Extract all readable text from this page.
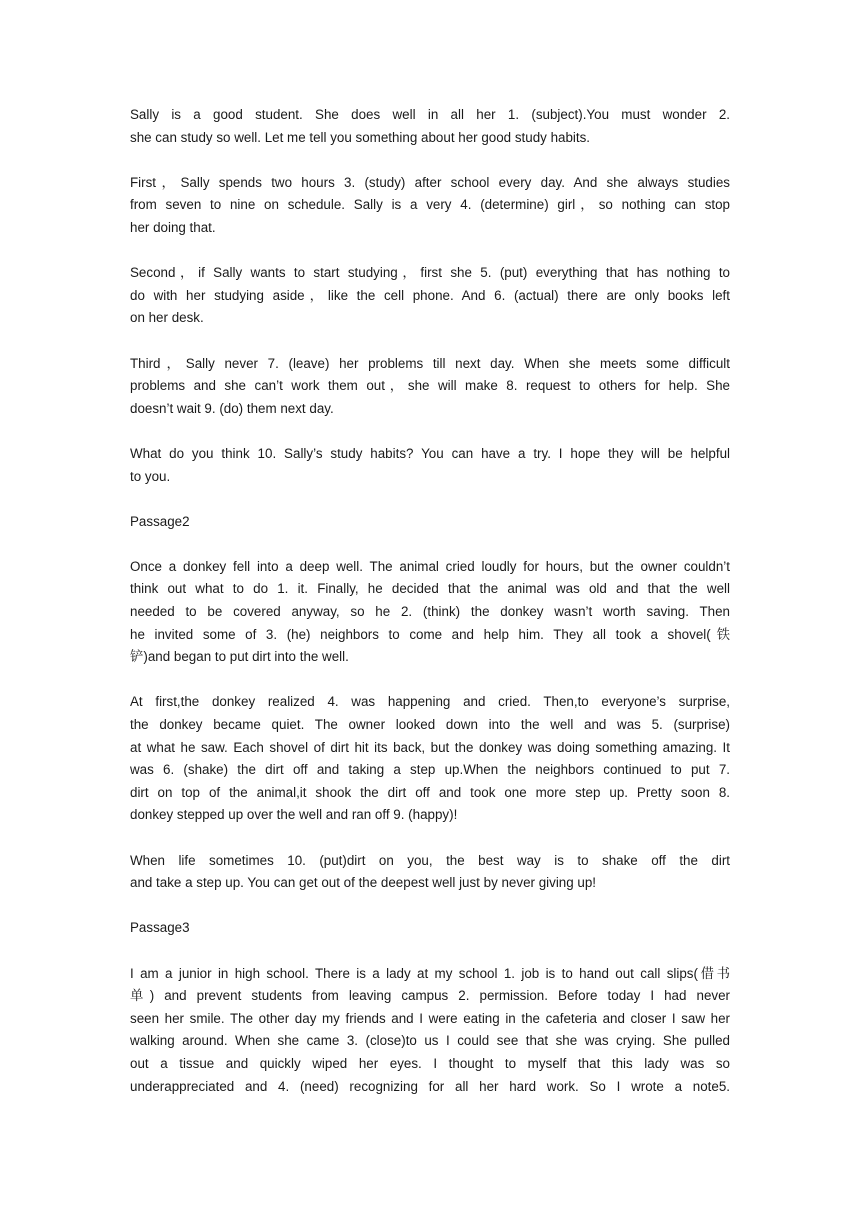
Sally is a good student. She does well in all her 1. (subject).You must wonder 2.
she can study so well. Let me tell you something about her good study habits.
First，Sally spends two hours 3. (study) after school every day. And she always studies
from seven to nine on schedule. Sally is a very 4. (determine) girl，so nothing can stop
her doing that.
Second，if Sally wants to start studying，first she 5. (put) everything that has nothing to
do with her studying aside，like the cell phone. And 6. (actual) there are only books left
on her desk.
Third，Sally never 7. (leave) her problems till next day. When she meets some difficult
problems and she can’t work them out，she will make 8. request to others for help. She
doesn’t wait 9. (do) them next day.
What do you think 10. Sally’s study habits? You can have a try. I hope they will be helpful
to you.
Passage2
Once a donkey fell into a deep well. The animal cried loudly for hours, but the owner couldn’t
think out what to do 1. it. Finally, he decided that the animal was old and that the well
needed to be covered anyway, so he 2. (think) the donkey wasn’t worth saving. Then
he invited some of 3. (he) neighbors to come and help him. They all took a shovel(铁
铲)and began to put dirt into the well.
At first,the donkey realized 4. was happening and cried. Then,to everyone’s surprise,
the donkey became quiet. The owner looked down into the well and was 5. (surprise)
at what he saw. Each shovel of dirt hit its back, but the donkey was doing something amazing. It
was 6. (shake) the dirt off and taking a step up.When the neighbors continued to put 7.
dirt on top of the animal,it shook the dirt off and took one more step up. Pretty soon 8.
donkey stepped up over the well and ran off 9. (happy)!
When life sometimes 10. (put)dirt on you, the best way is to shake off the dirt
and take a step up. You can get out of the deepest well just by never giving up!
Passage3
I am a junior in high school. There is a lady at my school 1. job is to hand out call slips(借书
单) and prevent students from leaving campus 2. permission. Before today I had never
seen her smile. The other day my friends and I were eating in the cafeteria and closer I saw her
walking around. When she came 3. (close)to us I could see that she was crying. She pulled
out a tissue and quickly wiped her eyes. I thought to myself that this lady was so
underappreciated and 4. (need) recognizing for all her hard work. So I wrote a note5.
